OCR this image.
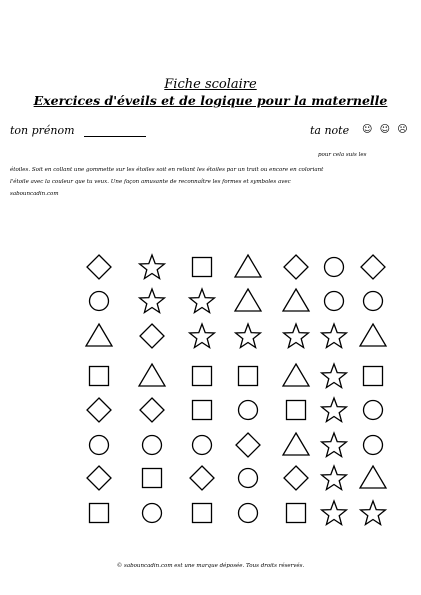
Fiche scolaire
Exercices d'éveils et de logique pour la maternelle
ton prénom	ta note ☺ ☺ ☹
pour cela suis les
étoiles. Soit en collant une gommette sur les étoiles soit en reliant les étoiles par un trait ou encore en coloriant
l'étoile avec la couleur que tu veux. Une façon amusante de reconnaître les formes et symboles avec
sabouncadin.com
© sabouncadin.com est une marque déposée. Tous droits réservés.
